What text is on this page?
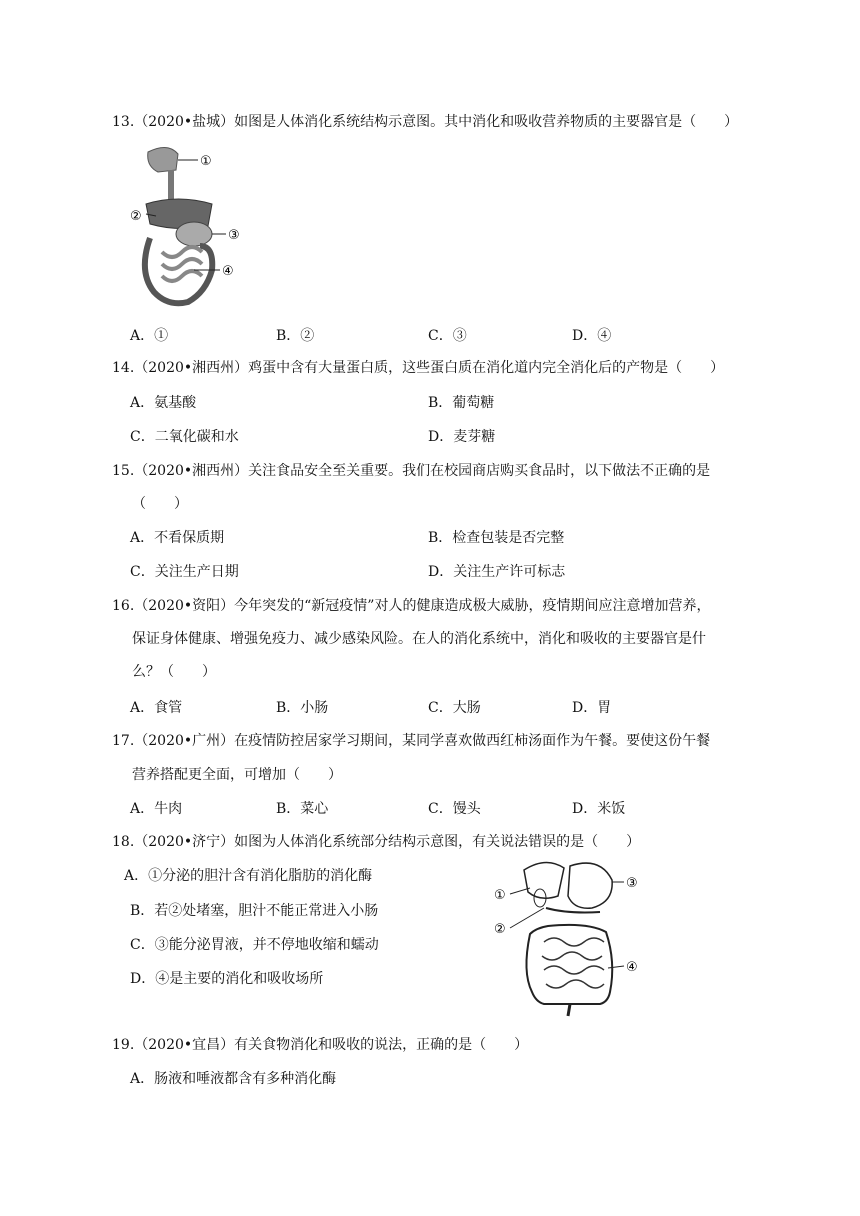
13.（2020•盐城）如图是人体消化系统结构示意图。其中消化和吸收营养物质的主要器官是（　　）
①
②
③
④
A．①	B．②	C．③	D．④
14.（2020•湘西州）鸡蛋中含有大量蛋白质，这些蛋白质在消化道内完全消化后的产物是（　　）
A．氨基酸	B．葡萄糖
C．二氧化碳和水	D．麦芽糖
15.（2020•湘西州）关注食品安全至关重要。我们在校园商店购买食品时，以下做法不正确的是
（　　）
A．不看保质期	B．检查包装是否完整
C．关注生产日期	D．关注生产许可标志
16.（2020•资阳）今年突发的“新冠疫情”对人的健康造成极大威胁，疫情期间应注意增加营养，
保证身体健康、增强免疫力、减少感染风险。在人的消化系统中，消化和吸收的主要器官是什
么？（　　）
A．食管	B．小肠	C．大肠	D．胃
17.（2020•广州）在疫情防控居家学习期间，某同学喜欢做西红柿汤面作为午餐。要使这份午餐
营养搭配更全面，可增加（　　）
A．牛肉	B．菜心	C．馒头	D．米饭
18.（2020•济宁）如图为人体消化系统部分结构示意图，有关说法错误的是（　　）
A．①分泌的胆汁含有消化脂肪的消化酶
B．若②处堵塞，胆汁不能正常进入小肠
C．③能分泌胃液，并不停地收缩和蠕动
D．④是主要的消化和吸收场所
①
②
③
④
19.（2020•宜昌）有关食物消化和吸收的说法，正确的是（　　）
A．肠液和唾液都含有多种消化酶
